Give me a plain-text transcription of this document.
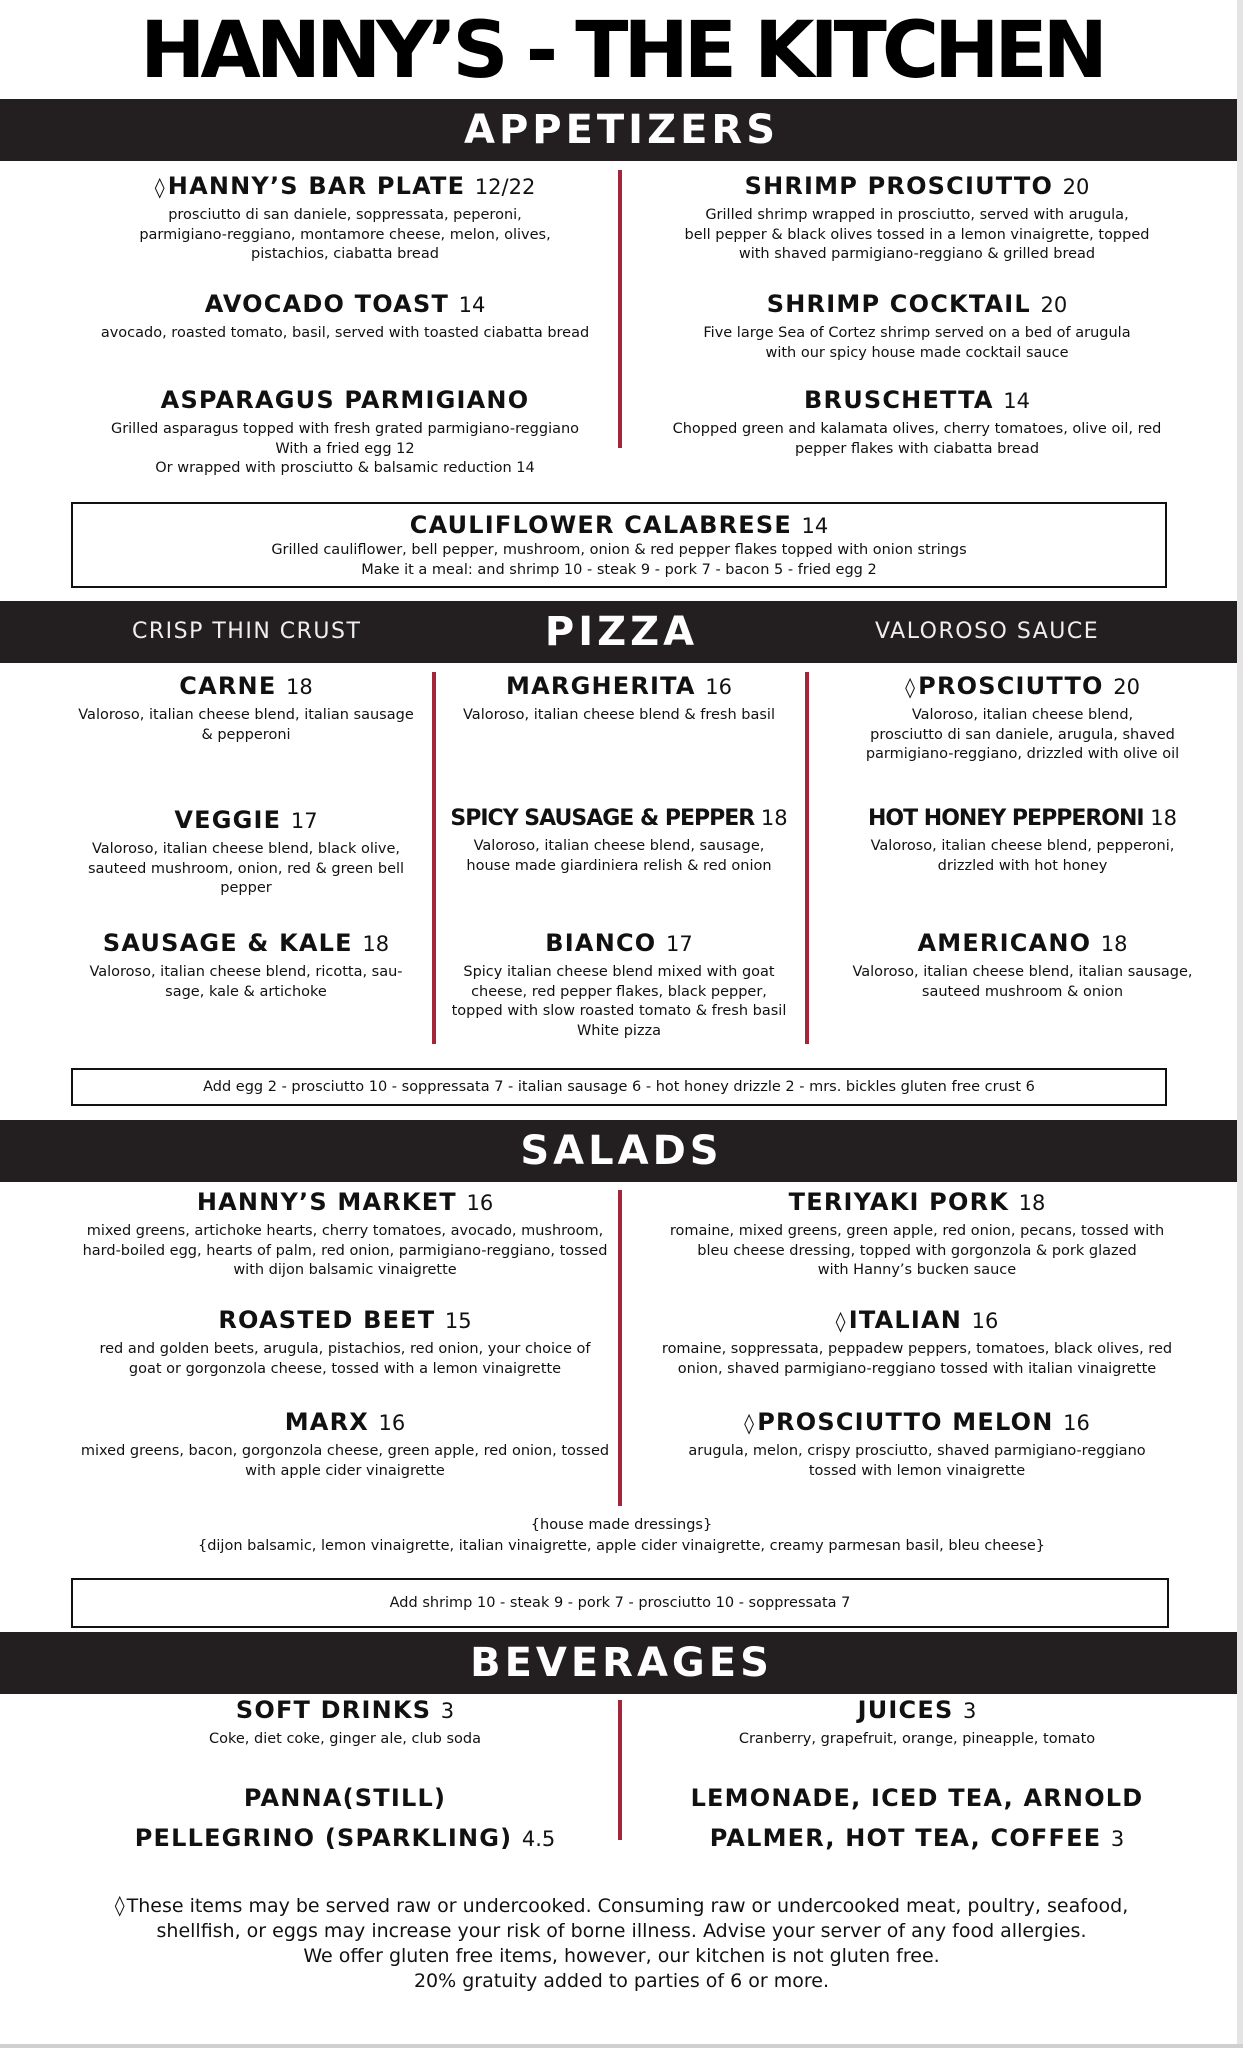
HANNY’S - THE KITCHEN
APPETIZERS
◊HANNY’S BAR PLATE 12/22
prosciutto di san daniele, soppressata, peperoni,
parmigiano-reggiano, montamore cheese, melon, olives,
pistachios, ciabatta bread
AVOCADO TOAST 14
avocado, roasted tomato, basil, served with toasted ciabatta bread
ASPARAGUS PARMIGIANO
Grilled asparagus topped with fresh grated parmigiano-reggiano
With a fried egg 12
Or wrapped with prosciutto & balsamic reduction 14
SHRIMP PROSCIUTTO 20
Grilled shrimp wrapped in prosciutto, served with arugula,
bell pepper & black olives tossed in a lemon vinaigrette, topped
with shaved parmigiano-reggiano & grilled bread
SHRIMP COCKTAIL 20
Five large Sea of Cortez shrimp served on a bed of arugula
with our spicy house made cocktail sauce
BRUSCHETTA 14
Chopped green and kalamata olives, cherry tomatoes, olive oil, red
pepper flakes with ciabatta bread
CAULIFLOWER CALABRESE 14
Grilled cauliflower, bell pepper, mushroom, onion & red pepper flakes topped with onion strings
Make it a meal: and shrimp 10 - steak 9 - pork 7 - bacon 5 - fried egg 2
CRISP THIN CRUST	PIZZA	VALOROSO SAUCE
CARNE 18
Valoroso, italian cheese blend, italian sausage
& pepperoni
VEGGIE 17
Valoroso, italian cheese blend, black olive,
sauteed mushroom, onion, red & green bell
pepper
SAUSAGE & KALE 18
Valoroso, italian cheese blend, ricotta, sau-
sage, kale & artichoke
MARGHERITA 16
Valoroso, italian cheese blend & fresh basil
SPICY SAUSAGE & PEPPER 18
Valoroso, italian cheese blend, sausage,
house made giardiniera relish & red onion
BIANCO 17
Spicy italian cheese blend mixed with goat
cheese, red pepper flakes, black pepper,
topped with slow roasted tomato & fresh basil
White pizza
◊PROSCIUTTO 20
Valoroso, italian cheese blend,
prosciutto di san daniele, arugula, shaved
parmigiano-reggiano, drizzled with olive oil
HOT HONEY PEPPERONI 18
Valoroso, italian cheese blend, pepperoni,
drizzled with hot honey
AMERICANO 18
Valoroso, italian cheese blend, italian sausage,
sauteed mushroom & onion
Add egg 2 - prosciutto 10 - soppressata 7 - italian sausage 6 - hot honey drizzle 2 - mrs. bickles gluten free crust 6
SALADS
HANNY’S MARKET 16
mixed greens, artichoke hearts, cherry tomatoes, avocado, mushroom,
hard-boiled egg, hearts of palm, red onion, parmigiano-reggiano, tossed
with dijon balsamic vinaigrette
ROASTED BEET 15
red and golden beets, arugula, pistachios, red onion, your choice of
goat or gorgonzola cheese, tossed with a lemon vinaigrette
MARX 16
mixed greens, bacon, gorgonzola cheese, green apple, red onion, tossed
with apple cider vinaigrette
TERIYAKI PORK 18
romaine, mixed greens, green apple, red onion, pecans, tossed with
bleu cheese dressing, topped with gorgonzola & pork glazed
with Hanny’s bucken sauce
◊ITALIAN 16
romaine, soppressata, peppadew peppers, tomatoes, black olives, red
onion, shaved parmigiano-reggiano tossed with italian vinaigrette
◊PROSCIUTTO MELON 16
arugula, melon, crispy prosciutto, shaved parmigiano-reggiano
tossed with lemon vinaigrette
{house made dressings}
{dijon balsamic, lemon vinaigrette, italian vinaigrette, apple cider vinaigrette, creamy parmesan basil, bleu cheese}
Add shrimp 10 - steak 9 - pork 7 - prosciutto 10 - soppressata 7
BEVERAGES
SOFT DRINKS 3
Coke, diet coke, ginger ale, club soda
JUICES 3
Cranberry, grapefruit, orange, pineapple, tomato
PANNA(STILL)
PELLEGRINO (SPARKLING) 4.5
LEMONADE, ICED TEA, ARNOLD
PALMER, HOT TEA, COFFEE 3
◊ These items may be served raw or undercooked. Consuming raw or undercooked meat, poultry, seafood,
shellfish, or eggs may increase your risk of borne illness. Advise your server of any food allergies.
We offer gluten free items, however, our kitchen is not gluten free.
20% gratuity added to parties of 6 or more.
